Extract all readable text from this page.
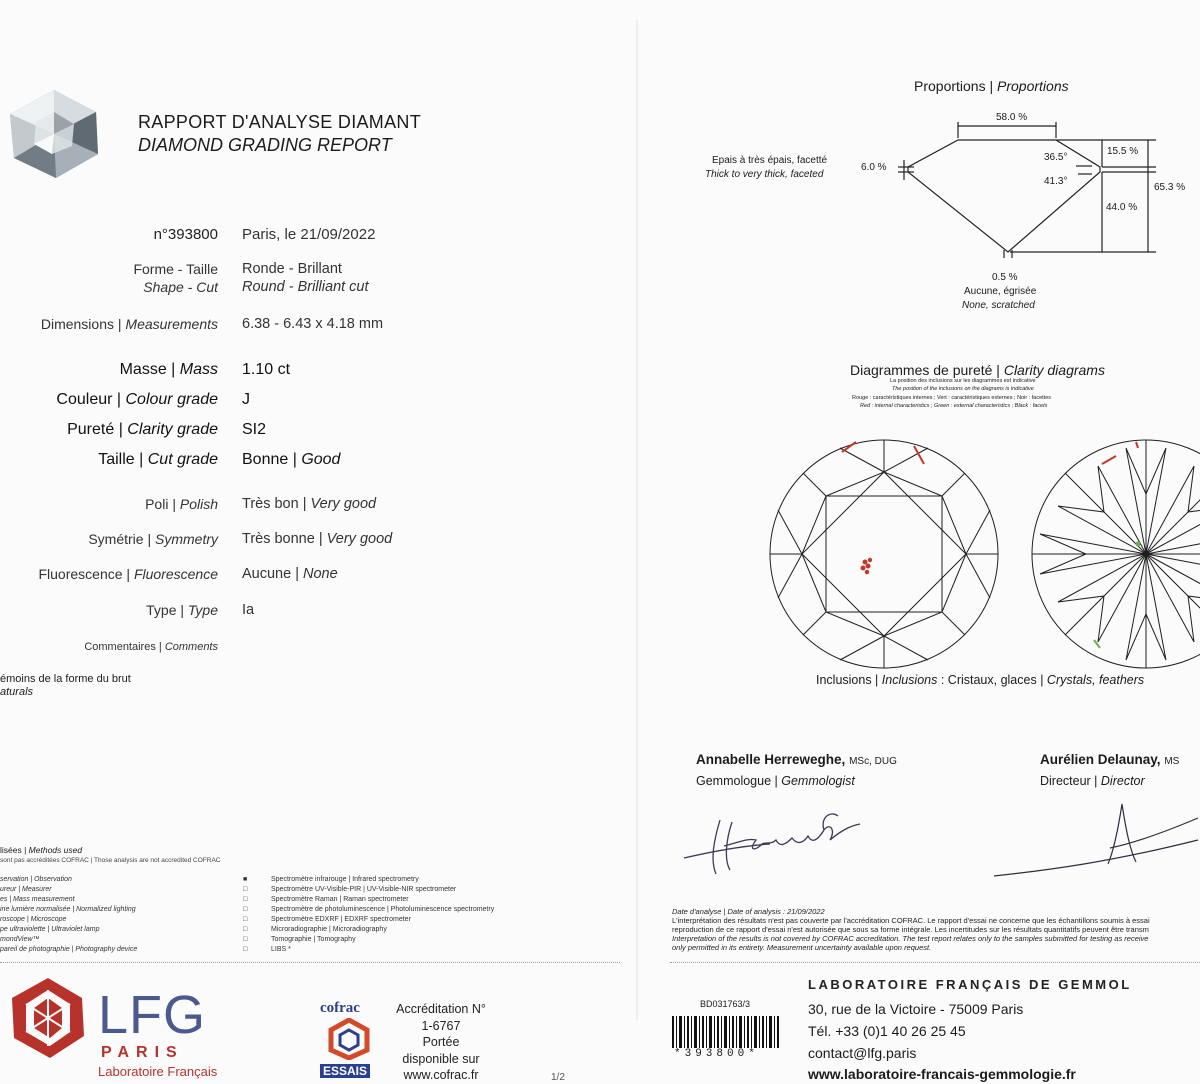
RAPPORT D'ANALYSE DIAMANT
DIAMOND GRADING REPORT
n°393800 Paris, le 21/09/2022
Forme - Taille
Shape - Cut
Ronde - Brillant
Round - Brilliant cut
Dimensions | Measurements 6.38 - 6.43 x 4.18 mm
Masse | Mass 1.10 ct
Couleur | Colour grade J
Pureté | Clarity grade SI2
Taille | Cut grade Bonne | Good
Poli | Polish Très bon | Very good
Symétrie | Symmetry Très bonne | Very good
Fluorescence | Fluorescence Aucune | None
Type | Type Ia
Commentaires | Comments
émoins de la forme du brut
aturals
lisées | Methods used
sont pas accréditées COFRAC | Those analysis are not accredited COFRAC
servation | Observation
ureur | Measurer
es | Mass measurement
ine lumière normalisée | Normalized lighting
roscope | Microscope
pe ultraviolette | Ultraviolet lamp
mondView™
pareil de photographie | Photography device
■
□
□
□
□
□
□
□
Spectromètre infrarouge | Infrared spectrometry
Spectromètre UV-Visible-PIR | UV-Visible-NIR spectrometer
Spectromètre Raman | Raman spectrometer
Spectromètre de photoluminescence | Photoluminescence spectrometry
Spectromètre EDXRF | EDXRF spectrometer
Microradiographie | Microradiography
Tomographie | Tomography
LIBS *
LFG
PARIS
Laboratoire Français
cofrac
ESSAIS
Accréditation N°
1-6767
Portée
disponible sur
www.cofrac.fr	1/2
Proportions | Proportions
58.0 %
Epais à très épais, facetté
Thick to very thick, faceted
6.0 %
36.5°
41.3°
15.5 %
44.0 %
65.3 %
0.5 %
Aucune, égrisée
None, scratched
Diagrammes de pureté | Clarity diagrams
La position des inclusions sur les diagrammes est indicative
The position of the inclusions on the diagrams is indicative
Rouge : caractéristiques internes ; Vert : caractéristiques externes ; Noir : facettes
Red : internal characteristics ; Green : external characteristics ; Black : facets
Inclusions | Inclusions : Cristaux, glaces | Crystals, feathers
Annabelle Herreweghe, MSc, DUG
Gemmologue | Gemmologist
Aurélien Delaunay, MS
Directeur | Director
Date d'analyse | Date of analysis : 21/09/2022
L'interprétation des résultats n'est pas couverte par l'accréditation COFRAC. Le rapport d'essai ne concerne que les échantillons soumis à essai
reproduction de ce rapport d'essai n'est autorisée que sous sa forme intégrale. Les incertitudes sur les résultats quantitatifs peuvent être transm
Interpretation of the results is not covered by COFRAC accreditation. The test report relates only to the samples submitted for testing as receive
only permitted in its entirety. Measurement uncertainty available upon request.
BD031763/3
*393800*
LABORATOIRE FRANÇAIS DE GEMMOL
30, rue de la Victoire - 75009 Paris
Tél. +33 (0)1 40 26 25 45
contact@lfg.paris
www.laboratoire-francais-gemmologie.fr
